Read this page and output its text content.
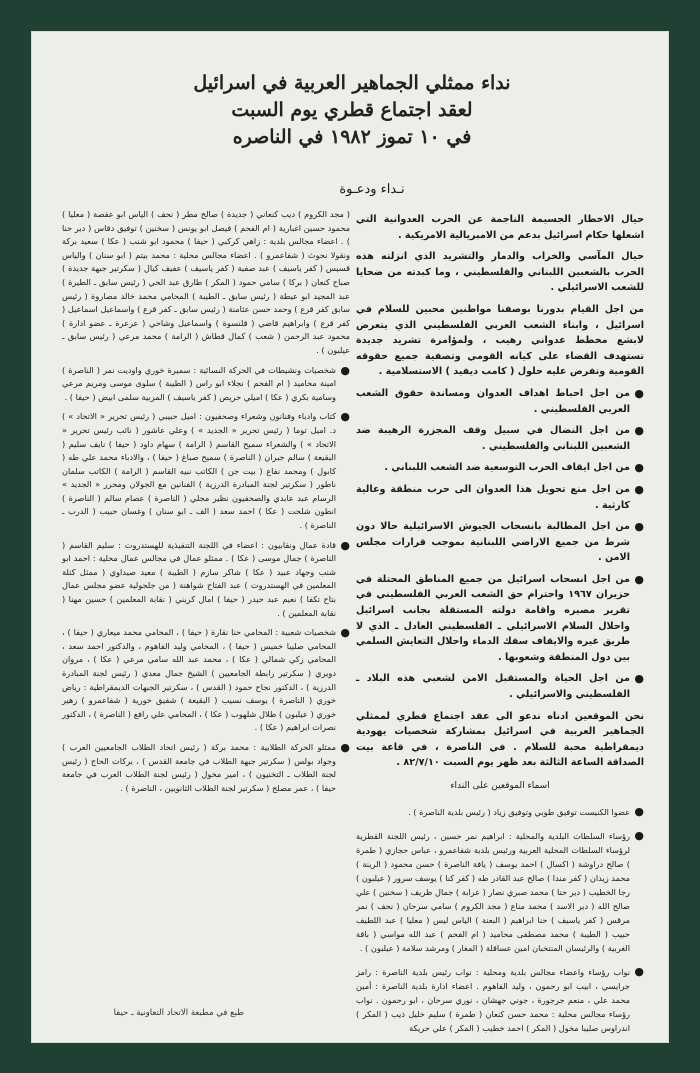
نداء ممثلي الجماهير العربية في اسرائيل
لعقد اجتماع قطري يوم السبت
في ١٠ تموز ١٩٨٢ في الناصره
نـداء ودعـوة

حيال الاخطار الجسيمة الناجمة عن الحرب العدوانية التي اشعلها حكام اسرائيل بدعم من الامبريالية الامريكية .

حيال المآسي والخراب والدمار والتشريد الذي انزلته هذه الحرب بالشعبين اللبناني والفلسطيني ، وما كبدته من ضحايا للشعب الاسرائيلي .

من اجل القيام بدورنا بوصفنا مواطنين محبين للسلام في اسرائيل ، وابناء الشعب العربي الفلسطيني الذي يتعرض لابشع مخطط عدواني رهيب ، ولمؤامرة تشريد جديدة تستهدف القضاء على كيانه القومي وتصفية جميع حقوقه القومية وتفرض عليه حلول ( كامب ديفيد ) الاستسلامية .

● من اجل احباط اهداف العدوان ومساندة حقوق الشعب العربي الفلسطيني .

● من اجل النضال في سبيل وقف المجزرة الرهيبة ضد الشعبين اللبناني والفلسطيني .

● من اجل ايقاف الحرب التوسعية ضد الشعب اللبناني .

● من اجل منع تحويل هذا العدوان الى حرب منطقة وعالية كارثية .

● من اجل المطالبة بانسحاب الجيوش الاسرائيلية حالا دون شرط من جميع الاراضي اللبنانية بموجب قرارات مجلس الامن .

● من اجل انسحاب اسرائيل من جميع المناطق المحتلة في حزيران ١٩٦٧ واحترام حق الشعب العربي الفلسطيني في تقرير مصيره واقامة دولته المستقلة بجانب اسرائيل واحلال السلام الاسرائيلي ـ الفلسطيني العادل ـ الذي لا طريق غيره والايقاف سفك الدماء واحلال التعايش السلمي بين دول المنطقة وشعوبها .

● من اجل الحياة والمستقبل الامن لشعبي هذه البلاد ـ الفلسطيني والاسرائيلي .

نحن الموقعين ادناه ندعو الى عقد اجتماع قطري لممثلي الجماهير العربية في اسرائيل بمشاركة شخصيات يهودية ديمقراطية محبة للسلام . في الناصرة ، في قاعة بيت الصداقة الساعة الثالثة بعد ظهر يوم السبت ٨٢/٧/١٠ .

اسماء الموقعين على النداء

● عضوا الكنيست توفيق طوبي وتوفيق زياد ( رئيس بلدية الناصرة ) .

● رؤساء السلطات البلدية والمحلية : ابراهيم نمر حسين ، رئيس اللجنة القطرية لرؤساء السلطات المحلية العربية ورئيس بلدية شفاعمرو ، عباس حجازي ( طمرة ) صالح دراوشة ( اكسال ) احمد يوسف ( يافة الناصرة ) حسن محمود ( الرينة ) محمد زيدان ( كفر مندا ) صالح عبد القادر طه ( كفر كنا ) يوسف سرور ( عيلبون ) رجا الخطيب ( دير حنا ) محمد صبري نصار ( عرابة ) جمال ظريف ( سخنين ) علي صالح الله ( دير الاسد ) محمد مناع ( مجد الكروم ) سامي سرحان ( نحف ) نمر مرقس ( كفر ياسيف ) حنا ابراهيم ( البعنة ) الياس ليس ( معليا ) عبد اللطيف حبيب ( الطيبة ) محمد مصطفى محاميد ( ام الفحم ) عبد الله مواسي ( باقة الغربية ) والرئيسان المنتخبان امين عساقلة ( المغار ) ومرشد سلامة ( عيلبون ) .

● نواب رؤساء واعضاء مجالس بلدية ومحلية : نواب رئيس بلدية الناصرة : رامز جرايسي ، ابيب ابو رحمون ، وليد الفاهوم . اعضاء ادارة بلدية الناصرة : أمين محمد علي ، منعم جرجورة ، جوني جهشان ، نوري سرحان ، ابو رحمون . نواب رؤساء مجالس محلية : محمد حسن كنعان ( طمرة ) سليم خليل ذيب ( المكر ) اندراوس صليبا مخول ( المكر ) احمد خطيب ( المكر ) علي حريكة

( مجد الكروم ) ديب كنعاني ( جديدة ) صالح مطر ( نحف ) الياس ابو عقصة ( معليا ) محمود حسين اغبارية ( ام الفحم ) فيصل ابو يونس ( سخنين ) توفيق دقاس ( دير حنا ) . اعضاء مجالس بلدية : زاهي كركبي ( حيفا ) محمود ابو شنب ( عكا ) سعيد بركة ونقولا نحوث ( شفاعمرو ) . اعضاء مجالس محلية : محمد بيتم ( ابو سنان ) والياس قسيس ( كفر ياسيف ) عبد صفية ( كفر ياسيف ) عفيف كيال ( سكرتير جبهة جديدة ) صباح كنعان ( بركا ) سامي حمود ( المكر ) طارق عبد الحي ( رئيس سابق ـ الطيرة ) عبد المجيد ابو عيطة ( رئيس سابق ـ الطيبة ) المحامي محمد خالد مصاروة ( رئيس سابق كفر قرع ) وحمد حسن عثامنة ( رئيس سابق ـ كفر قرع ) واسماعيل اسماعيل ( كفر قرع ) وابراهيم قاضي ( قلنسوة ) واسماعيل وشاحي ( عرعرة ـ عضو ادارة ) محمود عبد الرحمن ( شعب ) كمال قطاش ( الرامة ) محمد مرعي ( رئيس سابق ـ عيلبون ) .

● شخصيات ونشيطات في الحركة النسائية : سميرة خوري واوديت نمر ( الناصرة ) امينة محاميد ( ام الفحم ) نجلاء ابو راس ( الطيبة ) سلوى موسى ومريم مرعي وسامية بكري ( عكا ) اميلي حريص ( كفر ياسيف ) المربية سلمى ابيض ( حيفا ) .

● كتاب وادباء وفنانون وشعراء وصحفيون : اميل حبيبي ( رئيس تحرير « الاتحاد » ) د. اميل توما ( رئيس تحرير « الجديد » ) وعلي عاشور ( نائب رئيس تحرير « الاتحاد » ) والشعراء سميح القاسم ( الرامة ) سهام داود ( حيفا ) نايف سليم ( البقيعة ) سالم جبران ( الناصرة ) سميح صباغ ( حيفا ) ، والادباء محمد علي طه ( كابول ) ومحمد نفاع ( بيت جن ) الكاتب نبيه القاسم ( الرامة ) الكاتب سلمان ناطور ( سكرتير لجنة المبادرة الدرزية ) الفنانين مع الجولان ومحرر « الجديد » الرسام عبد عابدي والصحفيون نظير مجلي ( الناصرة ) عصام سالم ( الناصرة ) انطون شلحت ( عكا ) احمد سعد ( الف ـ ابو سنان ) وغسان حبيب ( الدرب ـ الناصرة ) .

● قادة عمال ونقابيون : اعضاء في اللجنة التنفيذية للهستدروت : سليم القاسم ( الناصرة ) جمال موسى ( عكا ) . ممثلو عمال في مجالس عمال محلية : احمد ابو شنب وجهاد عبيد ( عكا ) شاكر سازم ( الطيبة ) معيد صيداوي ( ممثل كتلة المعلمين في الهستدروت ) عبد الفتاح شواهنة ( من جلجولية عضو مجلس عمال بتاح تكفا ) نعيم عبد حيدر ( حيفا ) امال كريني ( نقابة المعلمين ) حسين مهنا ( نقابة المعلمين ) .

● شخصيات شعبية : المحامي حنا نقارة ( حيفا ) ، المحامي محمد ميعاري ( حيفا ) ، المحامي صليبا خميس ( حيفا ) ، المحامي وليد الفاهوم ، والدكتور احمد سعد ، المحامي زكي شمالي ( عكا ) ، محمد عبد الله سامي مرعي ( عكا ) ، مروان دويري ( سكرتير رابطة الجامعيين ) الشيخ جمال معدي ( رئيس لجنة المبادرة الدرزية ) ، الدكتور نجاح حمود ( القدس ) ، سكرتير الجبهات الديمقراطية : رياض خوري ( الناصرة ) يوسف نسيب ( البقيعة ) شفيق خورية ( شفاعمرو ) زهير خوري ( عيلبون ) طلال شلهوب ( عكا ) ، المحامي علي رافع ( الناصرة ) ، الدكتور نصرات ابراهيم ( عكا ) .

● ممثلو الحركة الطلابية : محمد بركة ( رئيس اتحاد الطلاب الجامعيين العرب ) وجواد بولس ( سكرتير جبهة الطلاب في جامعة القدس ) ، بركات الحاج ( رئيس لجنة الطلاب ـ التخنيون ) ، امير مخول ( رئيس لجنة الطلاب العرب في جامعة حيفا ) ، عمر مصلح ( سكرتير لجنة الطلاب الثانويين ، الناصرة ) .

طبع في مطبعة الاتحاد التعاونية ـ حيفا
